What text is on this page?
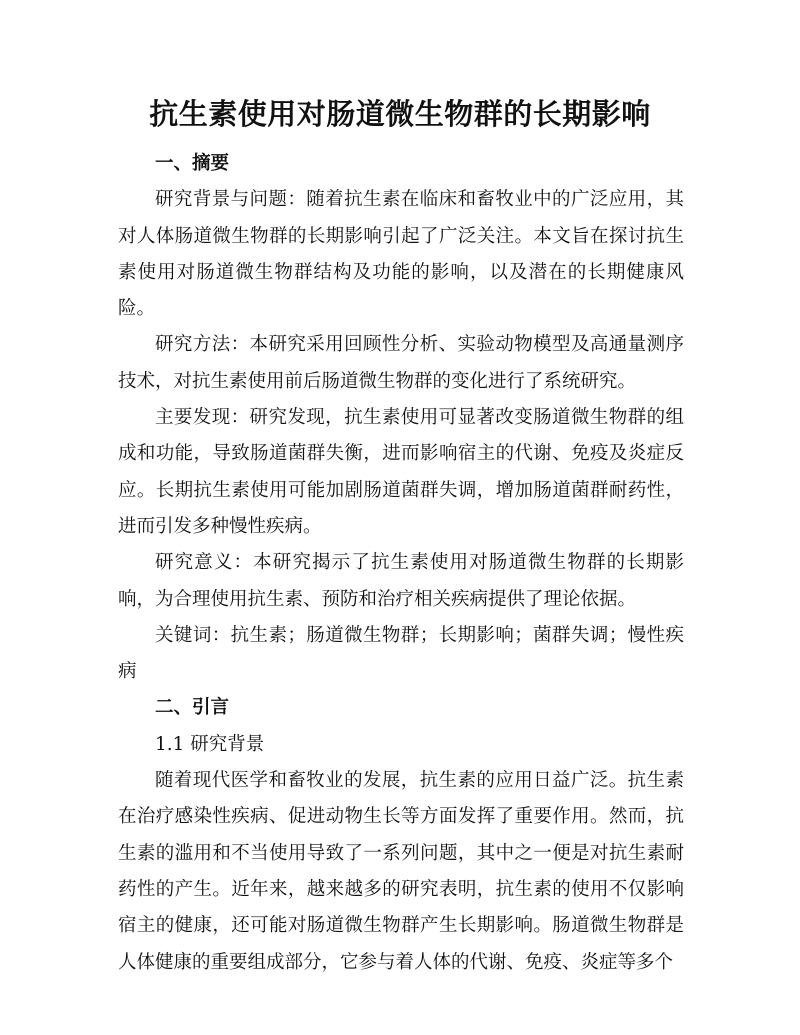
抗生素使用对肠道微生物群的长期影响
一、摘要

研究背景与问题：随着抗生素在临床和畜牧业中的广泛应用，其对人体肠道微生物群的长期影响引起了广泛关注。本文旨在探讨抗生素使用对肠道微生物群结构及功能的影响，以及潜在的长期健康风险。

研究方法：本研究采用回顾性分析、实验动物模型及高通量测序技术，对抗生素使用前后肠道微生物群的变化进行了系统研究。

主要发现：研究发现，抗生素使用可显著改变肠道微生物群的组成和功能，导致肠道菌群失衡，进而影响宿主的代谢、免疫及炎症反应。长期抗生素使用可能加剧肠道菌群失调，增加肠道菌群耐药性，进而引发多种慢性疾病。

研究意义：本研究揭示了抗生素使用对肠道微生物群的长期影响，为合理使用抗生素、预防和治疗相关疾病提供了理论依据。

关键词：抗生素；肠道微生物群；长期影响；菌群失调；慢性疾病

二、引言
1.1 研究背景

随着现代医学和畜牧业的发展，抗生素的应用日益广泛。抗生素在治疗感染性疾病、促进动物生长等方面发挥了重要作用。然而，抗生素的滥用和不当使用导致了一系列问题，其中之一便是对抗生素耐药性的产生。近年来，越来越多的研究表明，抗生素的使用不仅影响宿主的健康，还可能对肠道微生物群产生长期影响。肠道微生物群是人体健康的重要组成部分，它参与着人体的代谢、免疫、炎症等多个
